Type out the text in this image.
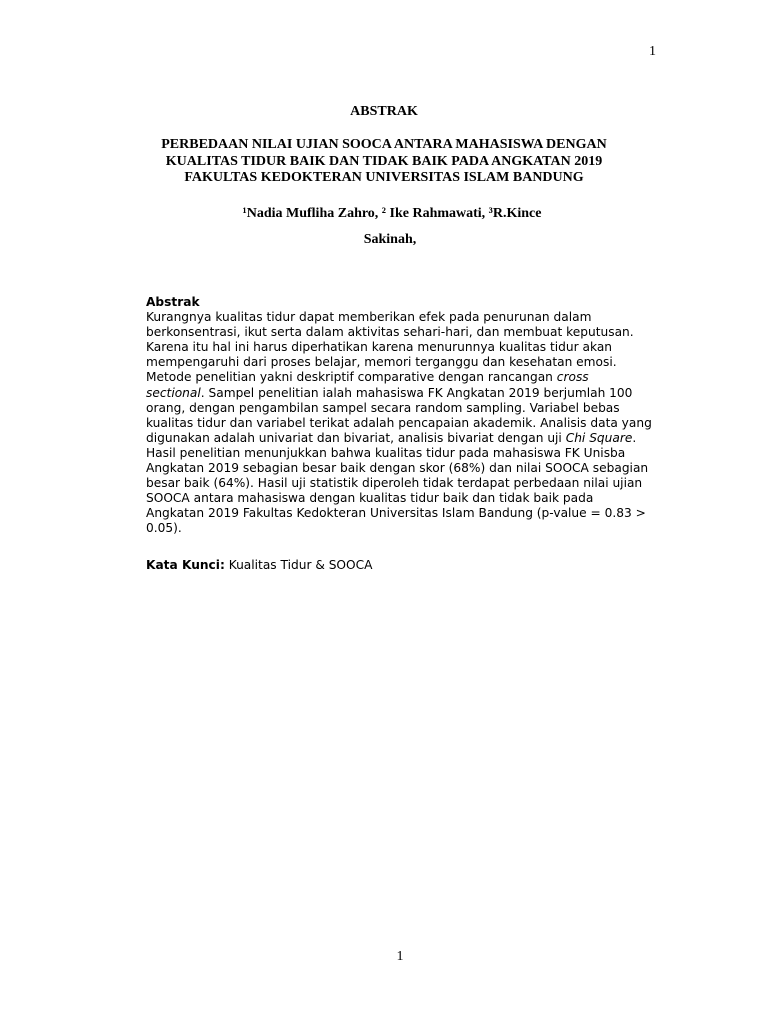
1
ABSTRAK
PERBEDAAN NILAI UJIAN SOOCA ANTARA MAHASISWA DENGAN
KUALITAS TIDUR BAIK DAN TIDAK BAIK PADA ANGKATAN 2019
FAKULTAS KEDOKTERAN UNIVERSITAS ISLAM BANDUNG
¹Nadia Mufliha Zahro, ² Ike Rahmawati, ³R.Kince
Sakinah,
Abstrak
Kurangnya kualitas tidur dapat memberikan efek pada penurunan dalam
berkonsentrasi, ikut serta dalam aktivitas sehari-hari, dan membuat keputusan.
Karena itu hal ini harus diperhatikan karena menurunnya kualitas tidur akan
mempengaruhi dari proses belajar, memori terganggu dan kesehatan emosi.
Metode penelitian yakni deskriptif comparative dengan rancangan cross
sectional. Sampel penelitian ialah mahasiswa FK Angkatan 2019 berjumlah 100
orang, dengan pengambilan sampel secara random sampling. Variabel bebas
kualitas tidur dan variabel terikat adalah pencapaian akademik. Analisis data yang
digunakan adalah univariat dan bivariat, analisis bivariat dengan uji Chi Square.
Hasil penelitian menunjukkan bahwa kualitas tidur pada mahasiswa FK Unisba
Angkatan 2019 sebagian besar baik dengan skor (68%) dan nilai SOOCA sebagian
besar baik (64%). Hasil uji statistik diperoleh tidak terdapat perbedaan nilai ujian
SOOCA antara mahasiswa dengan kualitas tidur baik dan tidak baik pada
Angkatan 2019 Fakultas Kedokteran Universitas Islam Bandung (p-value = 0.83 >
0.05).
Kata Kunci: Kualitas Tidur & SOOCA
1
